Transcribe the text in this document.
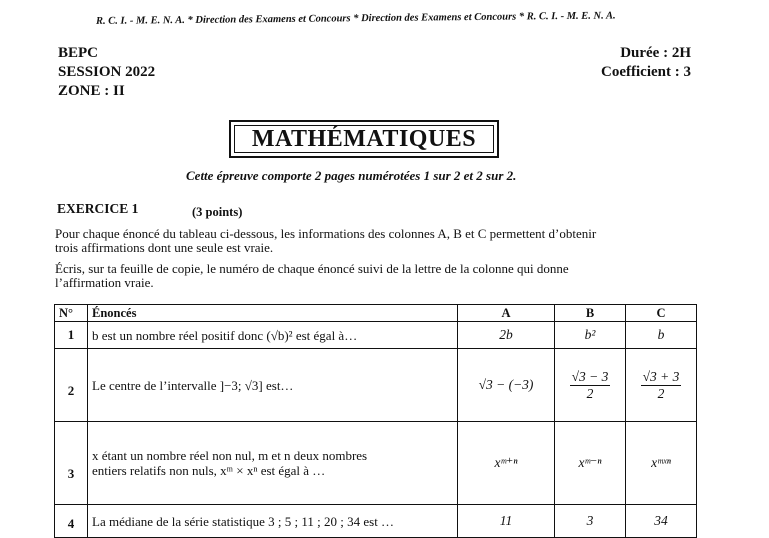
R. C. I. - M. E. N. A. * Direction des Examens et Concours * Direction des Examens et Concours * R. C. I. - M. E. N. A.
BEPC
SESSION 2022
ZONE : II
Durée : 2H
Coefficient : 3
MATHÉMATIQUES
Cette épreuve comporte 2 pages numérotées 1 sur 2 et 2 sur 2.
EXERCICE 1	(3 points)
Pour chaque énoncé du tableau ci-dessous, les informations des colonnes A, B et C permettent d’obtenir
trois affirmations dont une seule est vraie.
Écris, sur ta feuille de copie, le numéro de chaque énoncé suivi de la lettre de la colonne qui donne
l’affirmation vraie.
N°	Énoncés	A	B	C
1	b est un nombre réel positif donc (√b)² est égal à…	2b	b²	b
2	Le centre de l’intervalle ]−3; √3] est…	√3 − (−3)	$\frac{√3 - 3}{2}$	$\frac{√3 + 3}{2}$

3	x étant un nombre réel non nul, m et n deux nombres
entiers relatifs non nuls, xᵐ × xⁿ est égal à …	xᵐ⁺ⁿ	xᵐ⁻ⁿ	xᵐˣⁿ
4	La médiane de la série statistique 3 ; 5 ; 11 ; 20 ; 34 est …	11	3	34
